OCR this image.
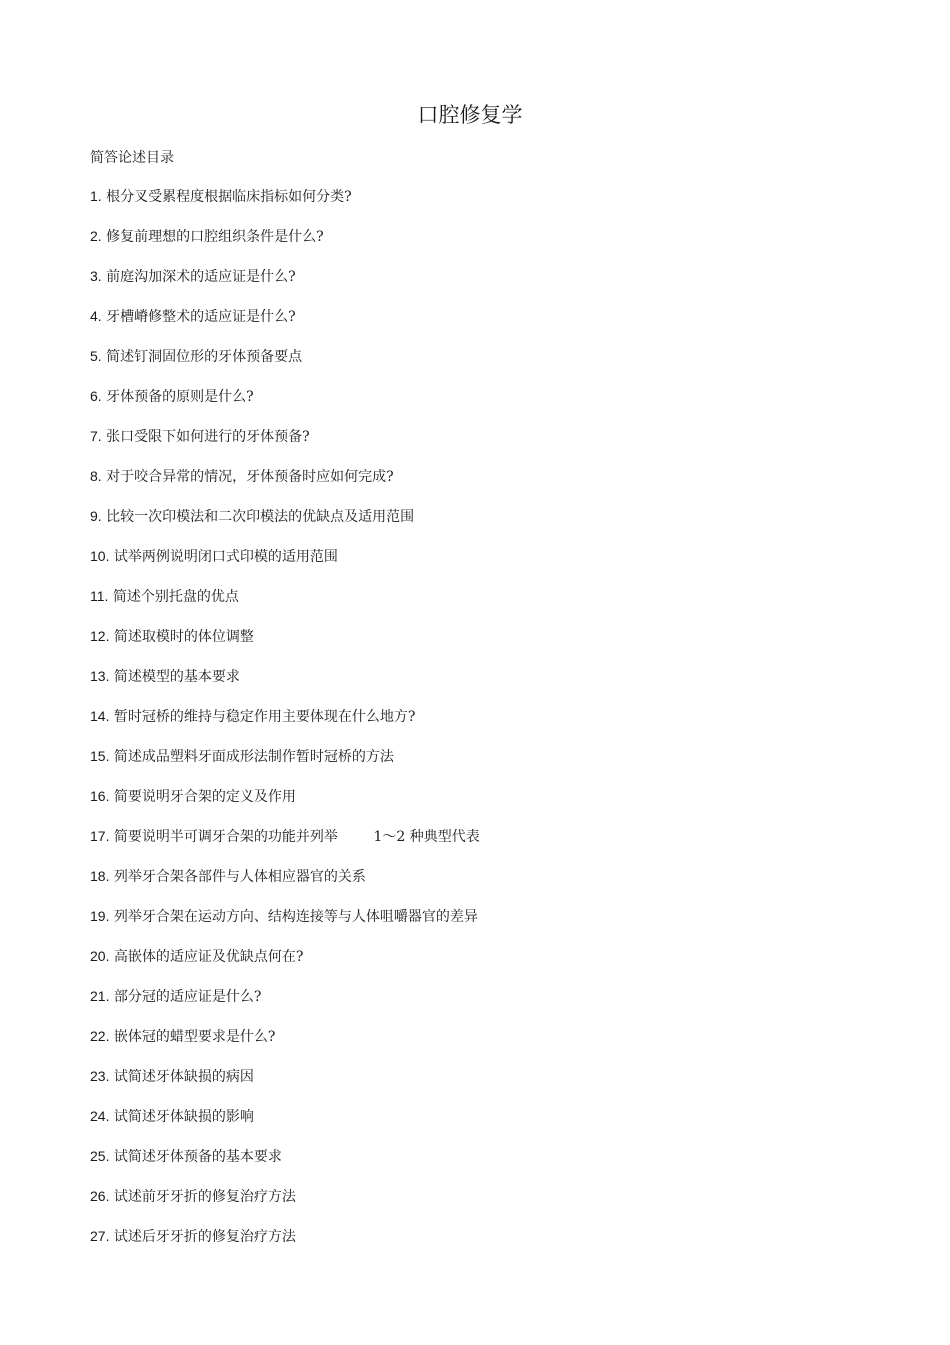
口腔修复学

简答论述目录

1. 根分叉受累程度根据临床指标如何分类?
2. 修复前理想的口腔组织条件是什么?
3. 前庭沟加深术的适应证是什么?
4. 牙槽嵴修整术的适应证是什么?
5. 简述钉洞固位形的牙体预备要点
6. 牙体预备的原则是什么?
7. 张口受限下如何进行的牙体预备?
8. 对于咬合异常的情况，牙体预备时应如何完成?
9. 比较一次印模法和二次印模法的优缺点及适用范围
10. 试举两例说明闭口式印模的适用范围
11. 简述个别托盘的优点
12. 简述取模时的体位调整
13. 简述模型的基本要求
14. 暂时冠桥的维持与稳定作用主要体现在什么地方?
15. 简述成品塑料牙面成形法制作暂时冠桥的方法
16. 简要说明牙合架的定义及作用
17. 简要说明半可调牙合架的功能并列举        1～2 种典型代表
18. 列举牙合架各部件与人体相应器官的关系
19. 列举牙合架在运动方向、结构连接等与人体咀嚼器官的差异
20. 高嵌体的适应证及优缺点何在?
21. 部分冠的适应证是什么?
22. 嵌体冠的蜡型要求是什么?
23. 试简述牙体缺损的病因
24. 试简述牙体缺损的影响
25. 试简述牙体预备的基本要求
26. 试述前牙牙折的修复治疗方法
27. 试述后牙牙折的修复治疗方法
